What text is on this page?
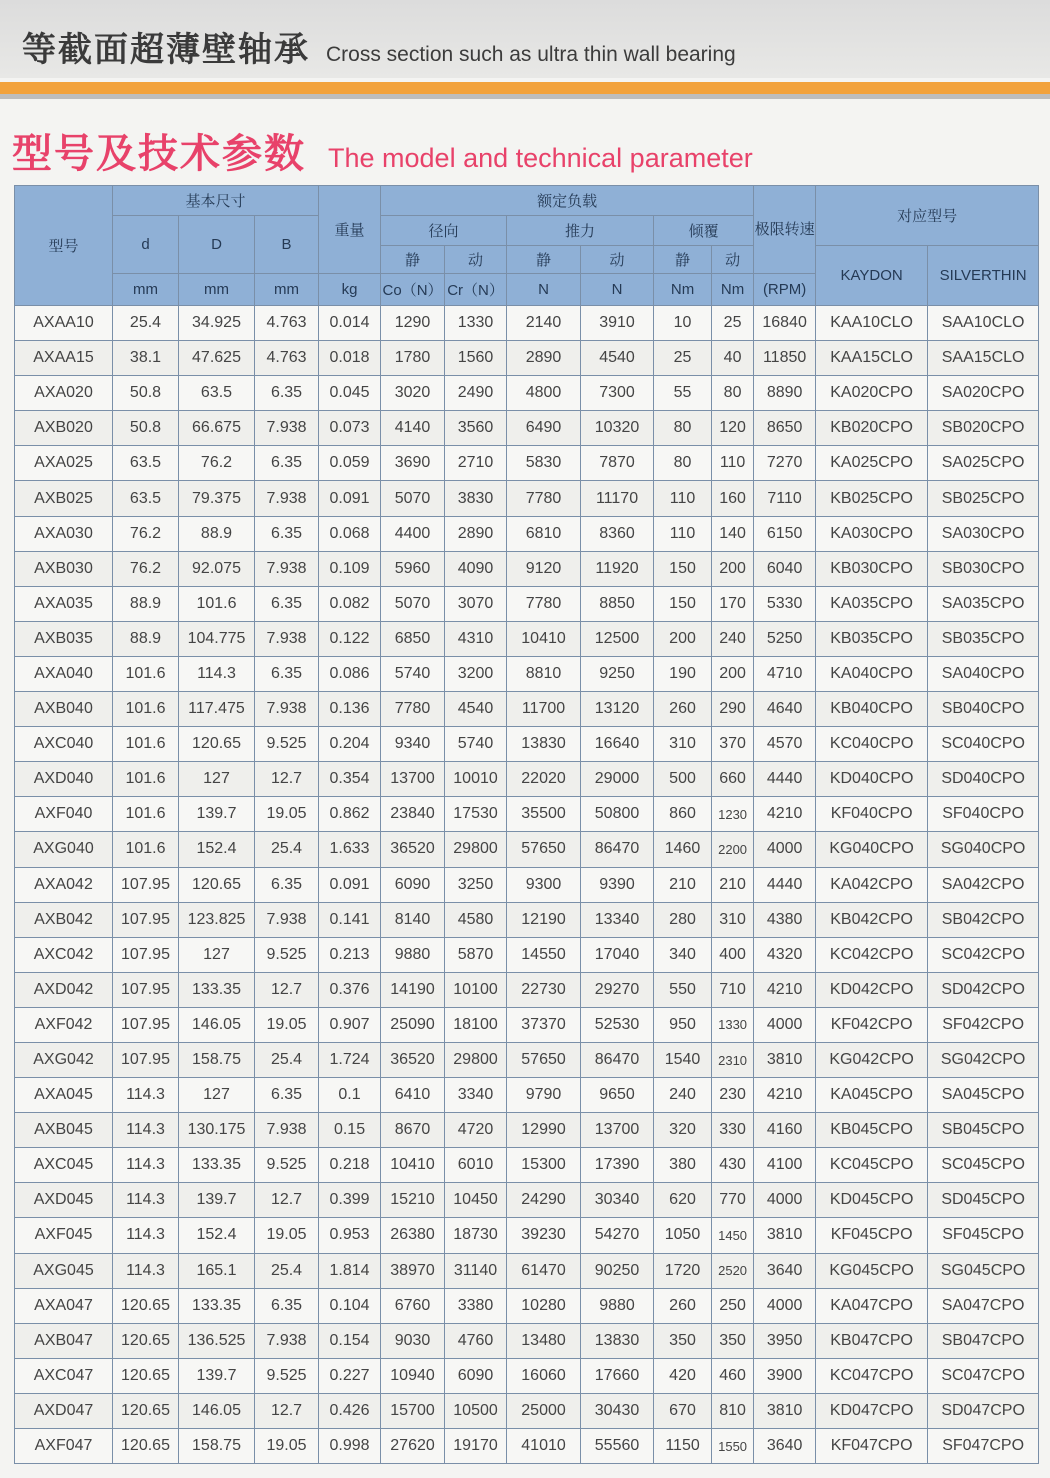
等截面超薄壁轴承 Cross section such as ultra thin wall bearing
型号及技术参数 The model and technical parameter
型号	基本尺寸			重量	额定负载						极限转速	对应型号	
	d	D	B		径向		推力		倾覆				
					静	动	静	动	静	动		KAYDON	SILVERTHIN
	mm	mm	mm	kg	Co（N）	Cr（N）	N	N	Nm	Nm	(RPM)		
AXAA10	25.4	34.925	4.763	0.014	1290	1330	2140	3910	10	25	16840	KAA10CLO	SAA10CLO
AXAA15	38.1	47.625	4.763	0.018	1780	1560	2890	4540	25	40	11850	KAA15CLO	SAA15CLO
AXA020	50.8	63.5	6.35	0.045	3020	2490	4800	7300	55	80	8890	KA020CPO	SA020CPO
AXB020	50.8	66.675	7.938	0.073	4140	3560	6490	10320	80	120	8650	KB020CPO	SB020CPO
AXA025	63.5	76.2	6.35	0.059	3690	2710	5830	7870	80	110	7270	KA025CPO	SA025CPO
AXB025	63.5	79.375	7.938	0.091	5070	3830	7780	11170	110	160	7110	KB025CPO	SB025CPO
AXA030	76.2	88.9	6.35	0.068	4400	2890	6810	8360	110	140	6150	KA030CPO	SA030CPO
AXB030	76.2	92.075	7.938	0.109	5960	4090	9120	11920	150	200	6040	KB030CPO	SB030CPO
AXA035	88.9	101.6	6.35	0.082	5070	3070	7780	8850	150	170	5330	KA035CPO	SA035CPO
AXB035	88.9	104.775	7.938	0.122	6850	4310	10410	12500	200	240	5250	KB035CPO	SB035CPO
AXA040	101.6	114.3	6.35	0.086	5740	3200	8810	9250	190	200	4710	KA040CPO	SA040CPO
AXB040	101.6	117.475	7.938	0.136	7780	4540	11700	13120	260	290	4640	KB040CPO	SB040CPO
AXC040	101.6	120.65	9.525	0.204	9340	5740	13830	16640	310	370	4570	KC040CPO	SC040CPO
AXD040	101.6	127	12.7	0.354	13700	10010	22020	29000	500	660	4440	KD040CPO	SD040CPO
AXF040	101.6	139.7	19.05	0.862	23840	17530	35500	50800	860	1230	4210	KF040CPO	SF040CPO
AXG040	101.6	152.4	25.4	1.633	36520	29800	57650	86470	1460	2200	4000	KG040CPO	SG040CPO
AXA042	107.95	120.65	6.35	0.091	6090	3250	9300	9390	210	210	4440	KA042CPO	SA042CPO
AXB042	107.95	123.825	7.938	0.141	8140	4580	12190	13340	280	310	4380	KB042CPO	SB042CPO
AXC042	107.95	127	9.525	0.213	9880	5870	14550	17040	340	400	4320	KC042CPO	SC042CPO
AXD042	107.95	133.35	12.7	0.376	14190	10100	22730	29270	550	710	4210	KD042CPO	SD042CPO
AXF042	107.95	146.05	19.05	0.907	25090	18100	37370	52530	950	1330	4000	KF042CPO	SF042CPO
AXG042	107.95	158.75	25.4	1.724	36520	29800	57650	86470	1540	2310	3810	KG042CPO	SG042CPO
AXA045	114.3	127	6.35	0.1	6410	3340	9790	9650	240	230	4210	KA045CPO	SA045CPO
AXB045	114.3	130.175	7.938	0.15	8670	4720	12990	13700	320	330	4160	KB045CPO	SB045CPO
AXC045	114.3	133.35	9.525	0.218	10410	6010	15300	17390	380	430	4100	KC045CPO	SC045CPO
AXD045	114.3	139.7	12.7	0.399	15210	10450	24290	30340	620	770	4000	KD045CPO	SD045CPO
AXF045	114.3	152.4	19.05	0.953	26380	18730	39230	54270	1050	1450	3810	KF045CPO	SF045CPO
AXG045	114.3	165.1	25.4	1.814	38970	31140	61470	90250	1720	2520	3640	KG045CPO	SG045CPO
AXA047	120.65	133.35	6.35	0.104	6760	3380	10280	9880	260	250	4000	KA047CPO	SA047CPO
AXB047	120.65	136.525	7.938	0.154	9030	4760	13480	13830	350	350	3950	KB047CPO	SB047CPO
AXC047	120.65	139.7	9.525	0.227	10940	6090	16060	17660	420	460	3900	KC047CPO	SC047CPO
AXD047	120.65	146.05	12.7	0.426	15700	10500	25000	30430	670	810	3810	KD047CPO	SD047CPO
AXF047	120.65	158.75	19.05	0.998	27620	19170	41010	55560	1150	1550	3640	KF047CPO	SF047CPO
